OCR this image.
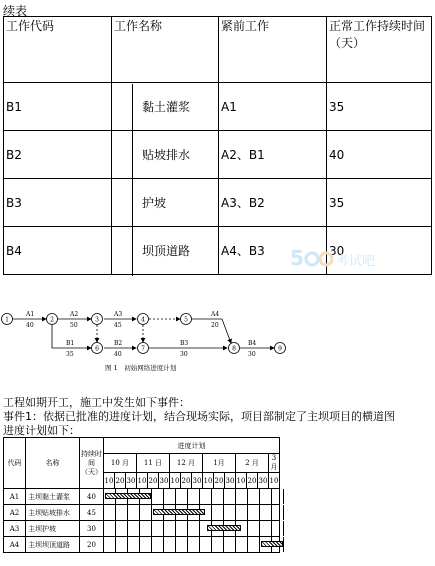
续表
工作代码	工作名称	紧前工作	正常工作持续时间（天）
B1	黏土灌浆	A1	35
B2	贴坡排水	A2、B1	40
B3	护坡	A3、B2	35
B4	坝顶道路	A4、B3	30
5 考试吧
1	2	3	4	5
6	7	8	9
A1
40
A2
50
A3
45
A4
20
B1
35
B2
40
B3
30
B4
30
图 1　初始网络进度计划
工程如期开工，施工中发生如下事件：
事件1：依据已批准的进度计划，结合现场实际，项目部制定了主坝项目的横道图
进度计划如下：
代码	名称	持续时间（天）	进度计划															
			10 月			11 日			12 月			1月			2 月			3月
			10	20	30	10	20	30	10	20	30	10	20	30	10	20	30	10
A1	主坝黏土灌浆	40																

A2	主坝贴坡排水	45																

A3	主坝护坡	30																

A4	主坝坝顶道路	20																
